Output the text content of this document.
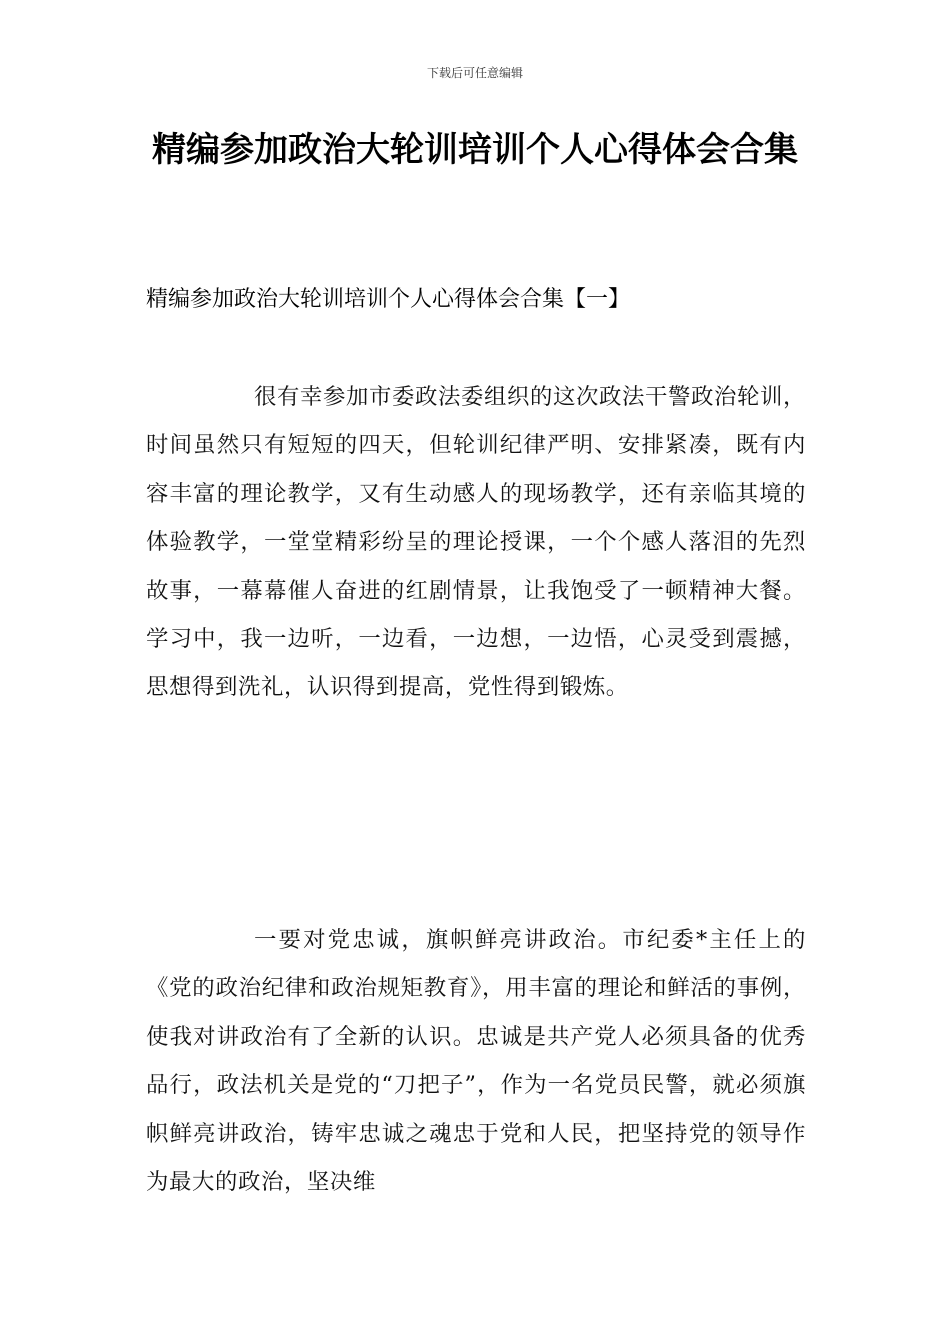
下载后可任意编辑
精编参加政治大轮训培训个人心得体会合集
精编参加政治大轮训培训个人心得体会合集【一】

很有幸参加市委政法委组织的这次政法干警政治轮训，时间虽然只有短短的四天，但轮训纪律严明、安排紧凑，既有内容丰富的理论教学，又有生动感人的现场教学，还有亲临其境的体验教学，一堂堂精彩纷呈的理论授课，一个个感人落泪的先烈故事，一幕幕催人奋进的红剧情景，让我饱受了一顿精神大餐。学习中，我一边听，一边看，一边想，一边悟，心灵受到震撼，思想得到洗礼，认识得到提高，党性得到锻炼。

一要对党忠诚，旗帜鲜亮讲政治。市纪委*主任上的《党的政治纪律和政治规矩教育》，用丰富的理论和鲜活的事例，使我对讲政治有了全新的认识。忠诚是共产党人必须具备的优秀品行，政法机关是党的“刀把子”，作为一名党员民警，就必须旗帜鲜亮讲政治，铸牢忠诚之魂忠于党和人民，把坚持党的领导作为最大的政治，坚决维
